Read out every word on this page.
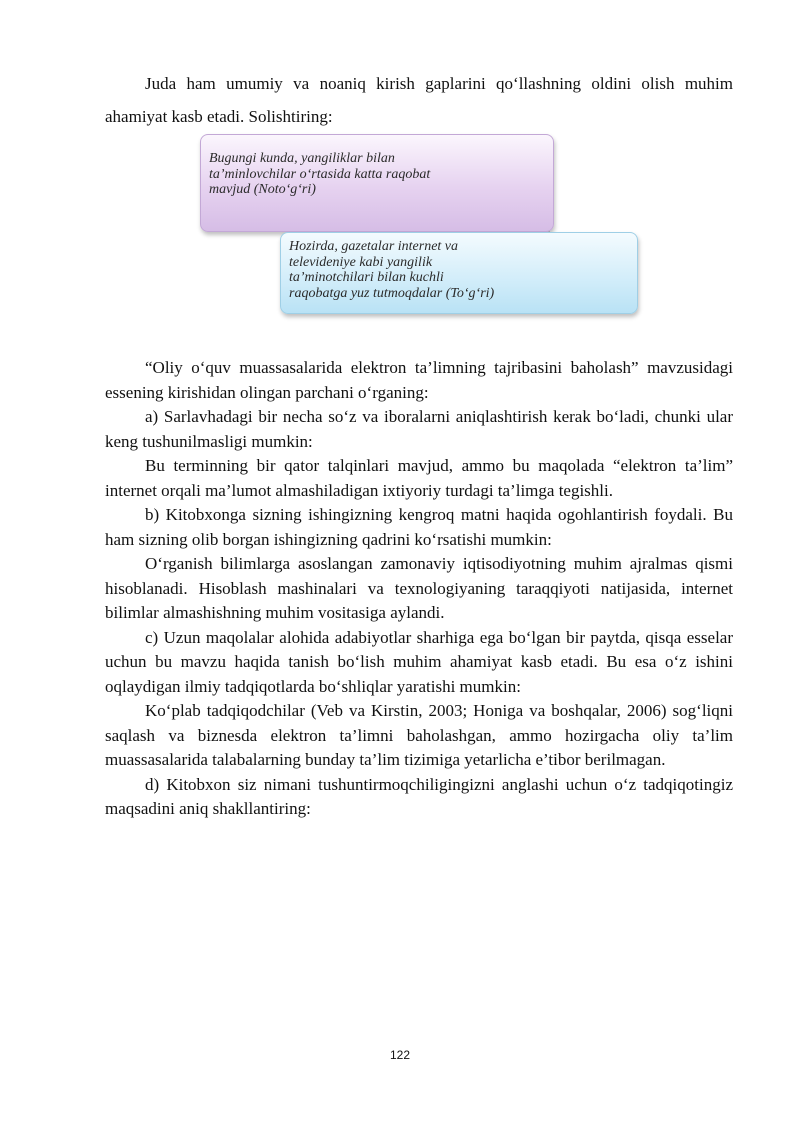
Juda ham umumiy va noaniq kirish gaplarini qo‘llashning oldini olish muhim ahamiyat kasb etadi. Solishtiring:

Bugungi kunda, yangiliklar bilan
ta’minlovchilar o‘rtasida katta raqobat
mavjud (Noto‘g‘ri)
Hozirda, gazetalar internet va
televideniye kabi yangilik
ta’minotchilari bilan kuchli
raqobatga yuz tutmoqdalar (To‘g‘ri)

“Oliy o‘quv muassasalarida elektron ta’limning tajribasini baholash” mavzusidagi essening kirishidan olingan parchani o‘rganing:

a) Sarlavhadagi bir necha so‘z va iboralarni aniqlashtirish kerak bo‘ladi, chunki ular keng tushunilmasligi mumkin:

Bu terminning bir qator talqinlari mavjud, ammo bu maqolada “elektron ta’lim” internet orqali ma’lumot almashiladigan ixtiyoriy turdagi ta’limga tegishli.

b) Kitobxonga sizning ishingizning kengroq matni haqida ogohlantirish foydali. Bu ham sizning olib borgan ishingizning qadrini ko‘rsatishi mumkin:

O‘rganish bilimlarga asoslangan zamonaviy iqtisodiyotning muhim ajralmas qismi hisoblanadi. Hisoblash mashinalari va texnologiyaning taraqqiyoti natijasida, internet bilimlar almashishning muhim vositasiga aylandi.

c) Uzun maqolalar alohida adabiyotlar sharhiga ega bo‘lgan bir paytda, qisqa esselar uchun bu mavzu haqida tanish bo‘lish muhim ahamiyat kasb etadi. Bu esa o‘z ishini oqlaydigan ilmiy tadqiqotlarda bo‘shliqlar yaratishi mumkin:

Ko‘plab tadqiqodchilar (Veb va Kirstin, 2003; Honiga va boshqalar, 2006) sog‘liqni saqlash va biznesda elektron ta’limni baholashgan, ammo hozirgacha oliy ta’lim muassasalarida talabalarning bunday ta’lim tizimiga yetarlicha e’tibor berilmagan.

d) Kitobxon siz nimani tushuntirmoqchiligingizni anglashi uchun o‘z tadqiqotingiz maqsadini aniq shakllantiring:

122
